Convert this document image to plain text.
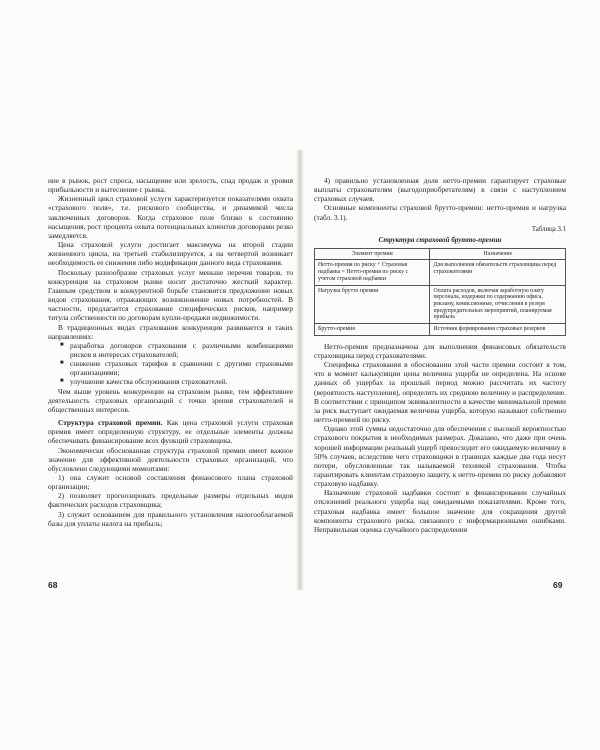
ние в рынок, рост спроса, насыщение или зрелость, спад продаж и уровня прибыльности и вытеснение с рынка.

Жизненный цикл страховой услуги характеризуется показателями охвата «страхового поля», т.е. рискового сообщества, и динамикой числа заключенных договоров. Когда страховое поле близко к состоянию насыщения, рост процента охвата потенциальных клиентов договорами резко замедляется.

Цена страховой услуги достигает максимума на второй стадии жизненного цикла, на третьей стабилизируется, а на четвертой возникает необходимость ее снижения либо модификации данного вида страхования.

Поскольку разнообразие страховых услуг меньше перечня товаров, то конкуренция на страховом рынке носит достаточно жесткий характер. Главным средством в конкурентной борьбе становится предложение новых видов страхования, отражающих возникновение новых потребностей. В частности, предлагается страхование специфических рисков, например титула собственности по договорам купли-продажи недвижимости.

В традиционных видах страхования конкуренция развивается в таких направлениях:

■ разработка договоров страхования с различными комбинациями рисков в интересах страхователей;
■ снижение страховых тарифов в сравнении с другими страховыми организациями;
■ улучшение качества обслуживания страхователей.

Чем выше уровень конкуренции на страховом рынке, тем эффективнее деятельность страховых организаций с точки зрения страхователей и общественных интересов.

Структура страховой премии. Как цена страховой услуги страховая премия имеет определенную структуру, ее отдельные элементы должны обеспечивать финансирование всех функций страховщика.

Экономически обоснованная структура страховой премии имеет важное значение для эффективной деятельности страховых организаций, что обусловлено следующими моментами:

1) она служит основой составления финансового плана страховой организации;

2) позволяет прогнозировать предельные размеры отдельных видов фактических расходов страховщика;

3) служит основанием для правильного установления налогооблагаемой базы для уплаты налога на прибыль;

68

4) правильно установленная доля нетто-премии гарантирует страховые выплаты страхователям (выгодоприобретателям) в связи с наступлением страховых случаев.

Основные компоненты страховой брутто-премии: нетто-премия и нагрузка (табл. 3.1).

Таблица 3.1
Структура страховой брутто-премии
Элемент премии	Назначение
Нетто-премия по риску + Страховая надбавка = Нетто-премия по риску с учетом страховой надбавки	Для выполнения обязательств страховщика перед страхователями
Нагрузка брутто премии	Оплата расходов, включая заработную плату персонала, издержки по содержанию офиса, рекламу, комиссионные, отчисления в резерв предупредительных мероприятий, планируемая прибыль
Брутто-премия	Источник формирования страховых резервов

Нетто-премия предназначена для выполнения финансовых обязательств страховщика перед страхователями.

Специфика страхования в обосновании этой части премии состоит в том, что в момент калькуляции цены величина ущерба не определена. На основе данных об ущербах за прошлый период можно рассчитать их частоту (вероятность наступления), определить их среднюю величину и распределение. В соответствии с принципом эквивалентности в качестве минимальной премии за риск выступает ожидаемая величина ущерба, которую называют собственно нетто-премией по риску.

Однако этой суммы недостаточно для обеспечения с высокой вероятностью страхового покрытия в необходимых размерах. Доказано, что даже при очень хорошей информации реальный ущерб превосходит его ожидаемую величину в 50% случаев, вследствие чего страховщики в границах каждые два года несут потери, обусловленные так называемой техникой страхования. Чтобы гарантировать клиентам страховую защиту, к нетто-премии по риску добавляют страховую надбавку.

Назначение страховой надбавки состоит в финансировании случайных отклонений реального ущерба над ожидаемыми показателями. Кроме того, страховая надбавка имеет большое значение для сокращения другой компоненты страхового риска, связанного с информационными ошибками. Неправильная оценка случайного распределения

69
